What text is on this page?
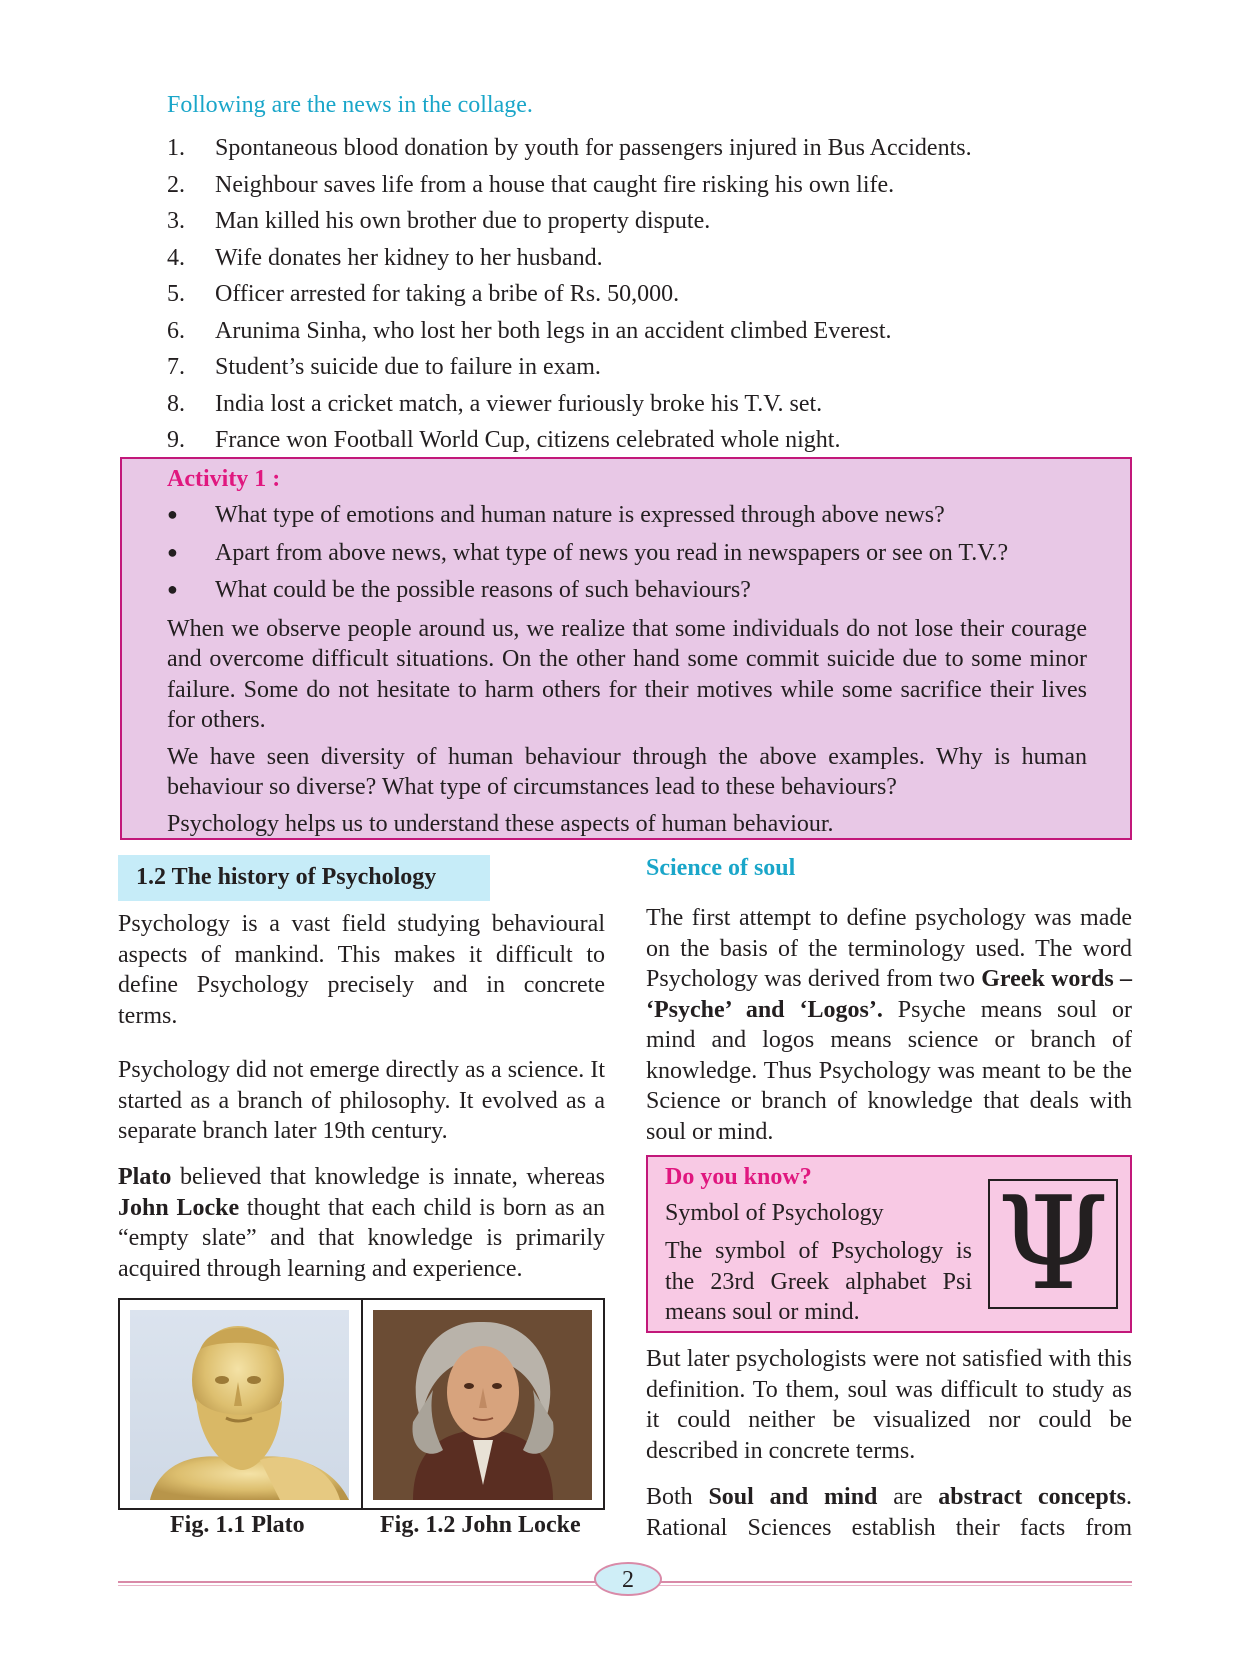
Following are the news in the collage.
1. Spontaneous blood donation by youth for passengers injured in Bus Accidents.
2. Neighbour saves life from a house that caught fire risking his own life.
3. Man killed his own brother due to property dispute.
4. Wife donates her kidney to her husband.
5. Officer arrested for taking a bribe of Rs. 50,000.
6. Arunima Sinha, who lost her both legs in an accident climbed Everest.
7. Student’s suicide due to failure in exam.
8. India lost a cricket match, a viewer furiously broke his T.V. set.
9. France won Football World Cup, citizens celebrated whole night.
Activity 1 :
● What type of emotions and human nature is expressed through above news?
● Apart from above news, what type of news you read in newspapers or see on T.V.?
● What could be the possible reasons of such behaviours?
When we observe people around us, we realize that some individuals do not lose their courage and overcome difficult situations. On the other hand some commit suicide due to some minor failure. Some do not hesitate to harm others for their motives while some sacrifice their lives for others.
We have seen diversity of human behaviour through the above examples. Why is human behaviour so diverse? What type of circumstances lead to these behaviours?
Psychology helps us to understand these aspects of human behaviour.
1.2 The history of Psychology
Psychology is a vast field studying behavioural aspects of mankind. This makes it difficult to define Psychology precisely and in concrete terms.
Psychology did not emerge directly as a science. It started as a branch of philosophy. It evolved as a separate branch later 19th century.
Plato believed that knowledge is innate, whereas John Locke thought that each child is born as an “empty slate” and that knowledge is primarily acquired through learning and experience.
Fig. 1.1 Plato	Fig. 1.2 John Locke
Science of soul
The first attempt to define psychology was made on the basis of the terminology used. The word Psychology was derived from two Greek words – ‘Psyche’ and ‘Logos’. Psyche means soul or mind and logos means science or branch of knowledge. Thus Psychology was meant to be the Science or branch of knowledge that deals with soul or mind.
Do you know?
Symbol of Psychology
The symbol of Psychology is the 23rd Greek alphabet Psi means soul or mind.	Ψ
But later psychologists were not satisfied with this definition. To them, soul was difficult to study as it could neither be visualized nor could be described in concrete terms.
Both Soul and mind are abstract concepts. Rational Sciences establish their facts from
2
